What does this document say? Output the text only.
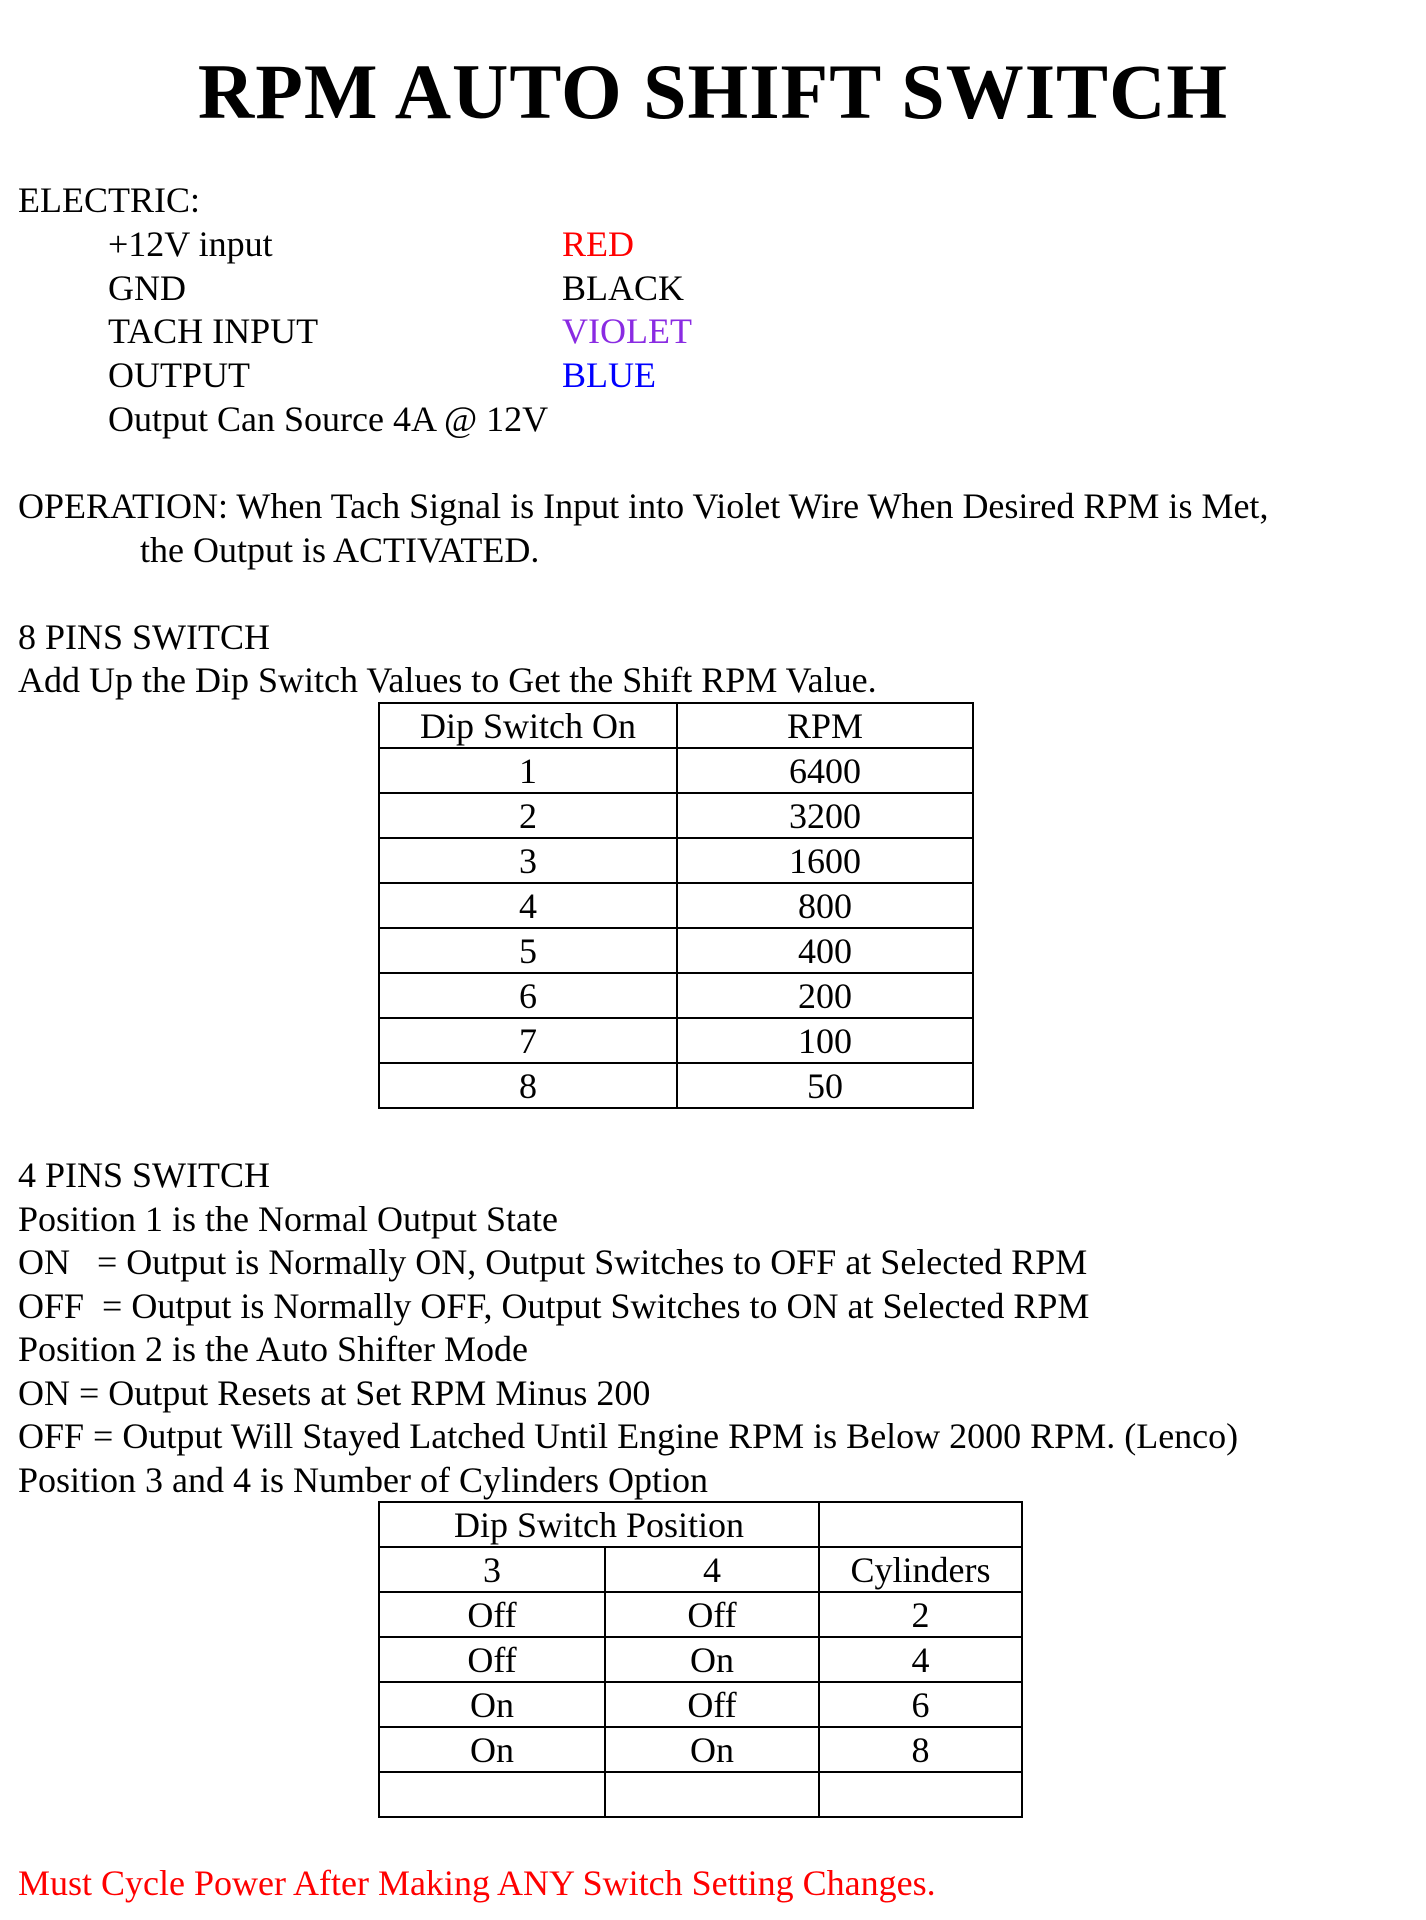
RPM AUTO SHIFT SWITCH
ELECTRIC:
+12V input	RED
GND	BLACK
TACH INPUT	VIOLET
OUTPUT	BLUE
Output Can Source 4A @ 12V
OPERATION: When Tach Signal is Input into Violet Wire When Desired RPM is Met,
the Output is ACTIVATED.
8 PINS SWITCH
Add Up the Dip Switch Values to Get the Shift RPM Value.
Dip Switch On	RPM
1	6400
2	3200
3	1600
4	800
5	400
6	200
7	100
8	50
4 PINS SWITCH
Position 1 is the Normal Output State
ON   = Output is Normally ON, Output Switches to OFF at Selected RPM
OFF  = Output is Normally OFF, Output Switches to ON at Selected RPM
Position 2 is the Auto Shifter Mode
ON = Output Resets at Set RPM Minus 200
OFF = Output Will Stayed Latched Until Engine RPM is Below 2000 RPM. (Lenco)
Position 3 and 4 is Number of Cylinders Option
Dip Switch Position		
3	4	Cylinders
Off	Off	2
Off	On	4
On	Off	6
On	On	8

Must Cycle Power After Making ANY Switch Setting Changes.
